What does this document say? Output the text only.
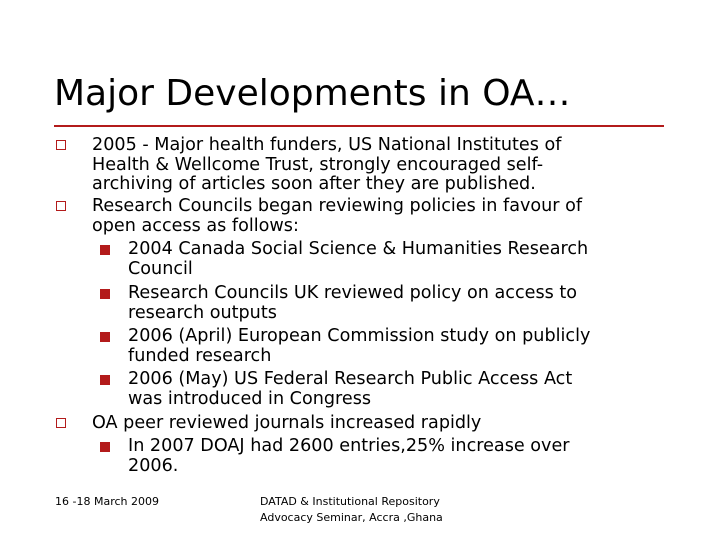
Major Developments in OA…
2005 - Major health funders, US National Institutes of
Health & Wellcome Trust, strongly encouraged self-
archiving of articles soon after they are published.
Research Councils began reviewing policies in favour of
open access as follows:
2004 Canada Social Science & Humanities Research
Council
Research Councils UK reviewed policy on access to
research outputs
2006 (April) European Commission study on publicly
funded research
2006 (May) US Federal Research Public Access Act
was introduced in Congress
OA peer reviewed journals increased rapidly
In 2007 DOAJ had 2600 entries,25% increase over
2006.
16 -18 March 2009	DATAD & Institutional Repository
Advocacy Seminar, Accra ,Ghana
